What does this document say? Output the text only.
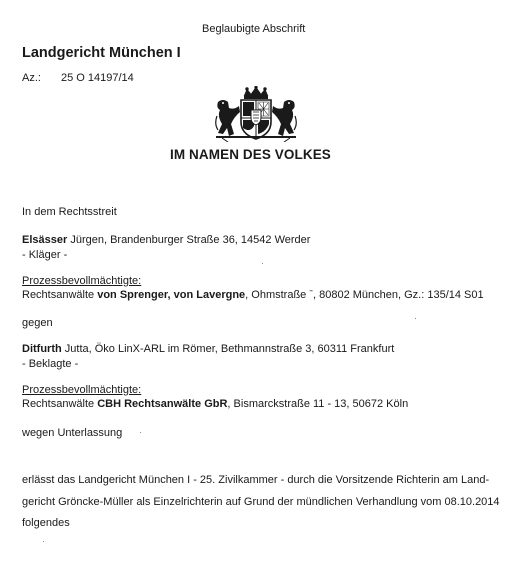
Beglaubigte Abschrift
Landgericht München I
Az.: 25 O 14197/14
IM NAMEN DES VOLKES
In dem Rechtsstreit
Elsässer Jürgen, Brandenburger Straße 36, 14542 Werder
- Kläger -
Prozessbevollmächtigte:
Rechtsanwälte von Sprenger, von Lavergne, Ohmstraße ˉ, 80802 München, Gz.: 135/14 S01
gegen
Ditfurth Jutta, Öko LinX-ARL im Römer, Bethmannstraße 3, 60311 Frankfurt
- Beklagte -
Prozessbevollmächtigte:
Rechtsanwälte CBH Rechtsanwälte GbR, Bismarckstraße 11 - 13, 50672 Köln
wegen Unterlassung
erlässt das Landgericht München I - 25. Zivilkammer - durch die Vorsitzende Richterin am Land-
gericht Gröncke-Müller als Einzelrichterin auf Grund der mündlichen Verhandlung vom 08.10.2014
folgendes
